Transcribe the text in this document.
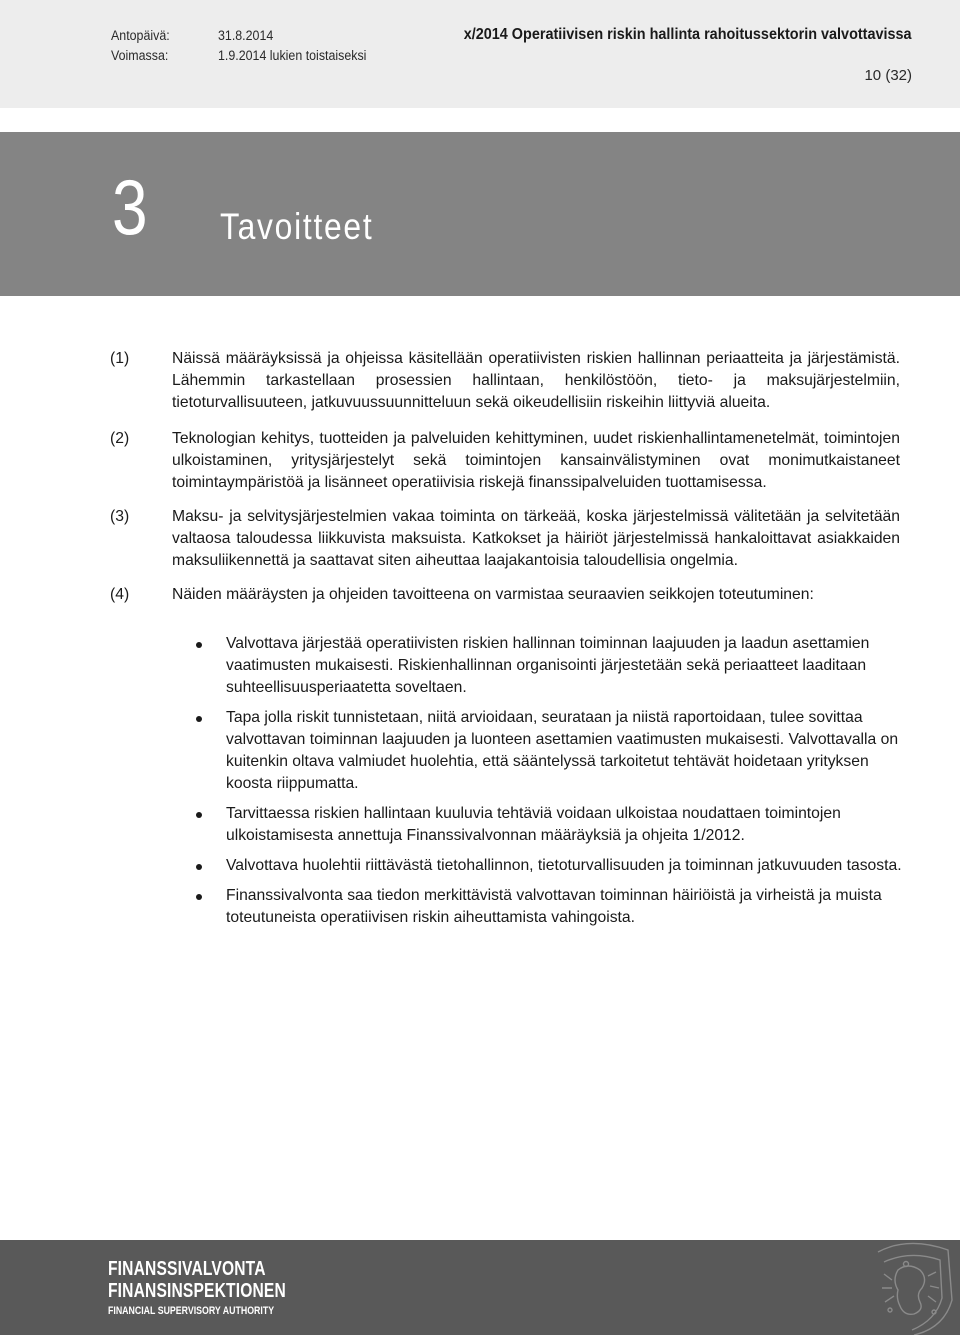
Antopäivä:	31.8.2014
Voimassa:	1.9.2014 lukien toistaiseksi
x/2014 Operatiivisen riskin hallinta rahoitussektorin valvottavissa
10 (32)
3 Tavoitteet
(1)	Näissä määräyksissä ja ohjeissa käsitellään operatiivisten riskien hallinnan periaatteita ja järjestämistä. Lähemmin tarkastellaan prosessien hallintaan, henkilöstöön, tieto- ja maksujärjestelmiin, tietoturvallisuuteen, jatkuvuussuunnitteluun sekä oikeudellisiin riskeihin liittyviä alueita.
(2)	Teknologian kehitys, tuotteiden ja palveluiden kehittyminen, uudet riskienhallintamenetelmät, toimintojen ulkoistaminen, yritysjärjestelyt sekä toimintojen kansainvälistyminen ovat monimutkaistaneet toimintaympäristöä ja lisänneet operatiivisia riskejä finanssipalveluiden tuottamisessa.
(3)	Maksu- ja selvitysjärjestelmien vakaa toiminta on tärkeää, koska järjestelmissä välitetään ja selvitetään valtaosa taloudessa liikkuvista maksuista. Katkokset ja häiriöt järjestelmissä hankaloittavat asiakkaiden maksuliikennettä ja saattavat siten aiheuttaa laajakantoisia taloudellisia ongelmia.
(4)	Näiden määräysten ja ohjeiden tavoitteena on varmistaa seuraavien seikkojen toteutuminen:
Valvottava järjestää operatiivisten riskien hallinnan toiminnan laajuuden ja laadun asettamien vaatimusten mukaisesti. Riskienhallinnan organisointi järjestetään sekä periaatteet laaditaan suhteellisuusperiaatetta soveltaen.
Tapa jolla riskit tunnistetaan, niitä arvioidaan, seurataan ja niistä raportoidaan, tulee sovittaa valvottavan toiminnan laajuuden ja luonteen asettamien vaatimusten mukaisesti. Valvottavalla on kuitenkin oltava valmiudet huolehtia, että sääntelyssä tarkoitetut tehtävät hoidetaan yrityksen koosta riippumatta.
Tarvittaessa riskien hallintaan kuuluvia tehtäviä voidaan ulkoistaa noudattaen toimintojen ulkoistamisesta annettuja Finanssivalvonnan määräyksiä ja ohjeita 1/2012.
Valvottava huolehtii riittävästä tietohallinnon, tietoturvallisuuden ja toiminnan jatkuvuuden tasosta.
Finanssivalvonta saa tiedon merkittävistä valvottavan toiminnan häiriöistä ja virheistä ja muista toteutuneista operatiivisen riskin aiheuttamista vahingoista.
FINANSSIVALVONTA
FINANSINSPEKTIONEN
FINANCIAL SUPERVISORY AUTHORITY
